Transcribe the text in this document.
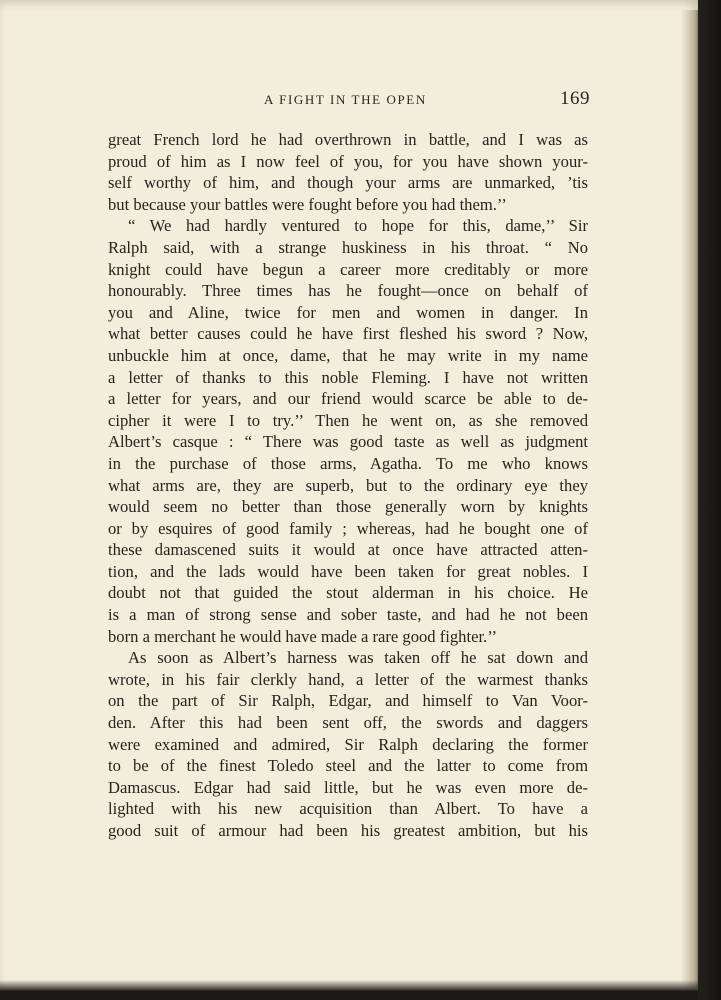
A FIGHT IN THE OPEN	169
great French lord he had overthrown in battle, and I was as
proud of him as I now feel of you, for you have shown your-
self worthy of him, and though your arms are unmarked, ’tis
but because your battles were fought before you had them.’’
“ We had hardly ventured to hope for this, dame,’’ Sir
Ralph said, with a strange huskiness in his throat. “ No
knight could have begun a career more creditably or more
honourably. Three times has he fought—once on behalf of
you and Aline, twice for men and women in danger. In
what better causes could he have first fleshed his sword ? Now,
unbuckle him at once, dame, that he may write in my name
a letter of thanks to this noble Fleming. I have not written
a letter for years, and our friend would scarce be able to de-
cipher it were I to try.’’ Then he went on, as she removed
Albert’s casque : “ There was good taste as well as judgment
in the purchase of those arms, Agatha. To me who knows
what arms are, they are superb, but to the ordinary eye they
would seem no better than those generally worn by knights
or by esquires of good family ; whereas, had he bought one of
these damascened suits it would at once have attracted atten-
tion, and the lads would have been taken for great nobles. I
doubt not that guided the stout alderman in his choice. He
is a man of strong sense and sober taste, and had he not been
born a merchant he would have made a rare good fighter.’’
As soon as Albert’s harness was taken off he sat down and
wrote, in his fair clerkly hand, a letter of the warmest thanks
on the part of Sir Ralph, Edgar, and himself to Van Voor-
den. After this had been sent off, the swords and daggers
were examined and admired, Sir Ralph declaring the former
to be of the finest Toledo steel and the latter to come from
Damascus. Edgar had said little, but he was even more de-
lighted with his new acquisition than Albert. To have a
good suit of armour had been his greatest ambition, but his
